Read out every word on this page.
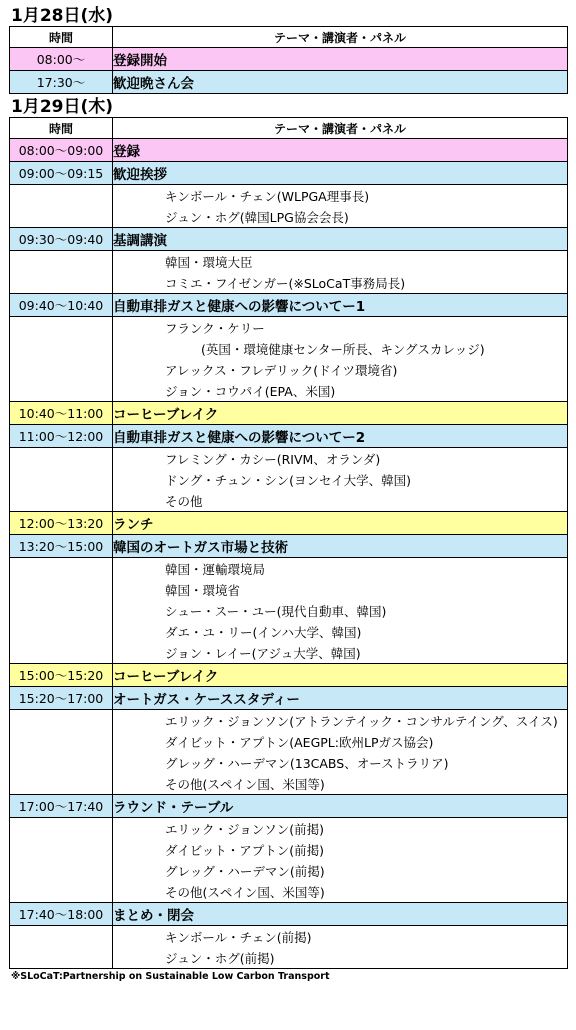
1月28日(水)
時間	テーマ・講演者・パネル
08:00〜	登録開始
17:30〜	歓迎晩さん会
1月29日(木)
時間	テーマ・講演者・パネル
08:00〜09:00	登録
09:00〜09:15	歓迎挨拶
	キンボール・チェン(WLPGA理事長)
	ジュン・ホグ(韓国LPG協会会長)
09:30〜09:40	基調講演
	韓国・環境大臣
	コミエ・フイゼンガー(※SLoCaT事務局長)
09:40〜10:40	自動車排ガスと健康への影響についてー1
	フランク・ケリー
	(英国・環境健康センター所長、キングスカレッジ)
	アレックス・フレデリック(ドイツ環境省)
	ジョン・コウパイ(EPA、米国)
10:40〜11:00	コーヒーブレイク
11:00〜12:00	自動車排ガスと健康への影響についてー2
	フレミング・カシー(RIVM、オランダ)
	ドング・チュン・シン(ヨンセイ大学、韓国)
	その他
12:00〜13:20	ランチ
13:20〜15:00	韓国のオートガス市場と技術
	韓国・運輸環境局
	韓国・環境省
	シュー・スー・ユー(現代自動車、韓国)
	ダエ・ユ・リー(インハ大学、韓国)
	ジョン・レイー(アジュ大学、韓国)
15:00〜15:20	コーヒーブレイク
15:20〜17:00	オートガス・ケーススタディー
	エリック・ジョンソン(アトランテイック・コンサルテイング、スイス)
	ダイビット・アプトン(AEGPL:欧州LPガス協会)
	グレッグ・ハーデマン(13CABS、オーストラリア)
	その他(スペイン国、米国等)
17:00〜17:40	ラウンド・テーブル
	エリック・ジョンソン(前掲)
	ダイビット・アプトン(前掲)
	グレッグ・ハーデマン(前掲)
	その他(スペイン国、米国等)
17:40〜18:00	まとめ・閉会
	キンボール・チェン(前掲)
	ジュン・ホグ(前掲)
※SLoCaT:Partnership on Sustainable Low Carbon Transport
